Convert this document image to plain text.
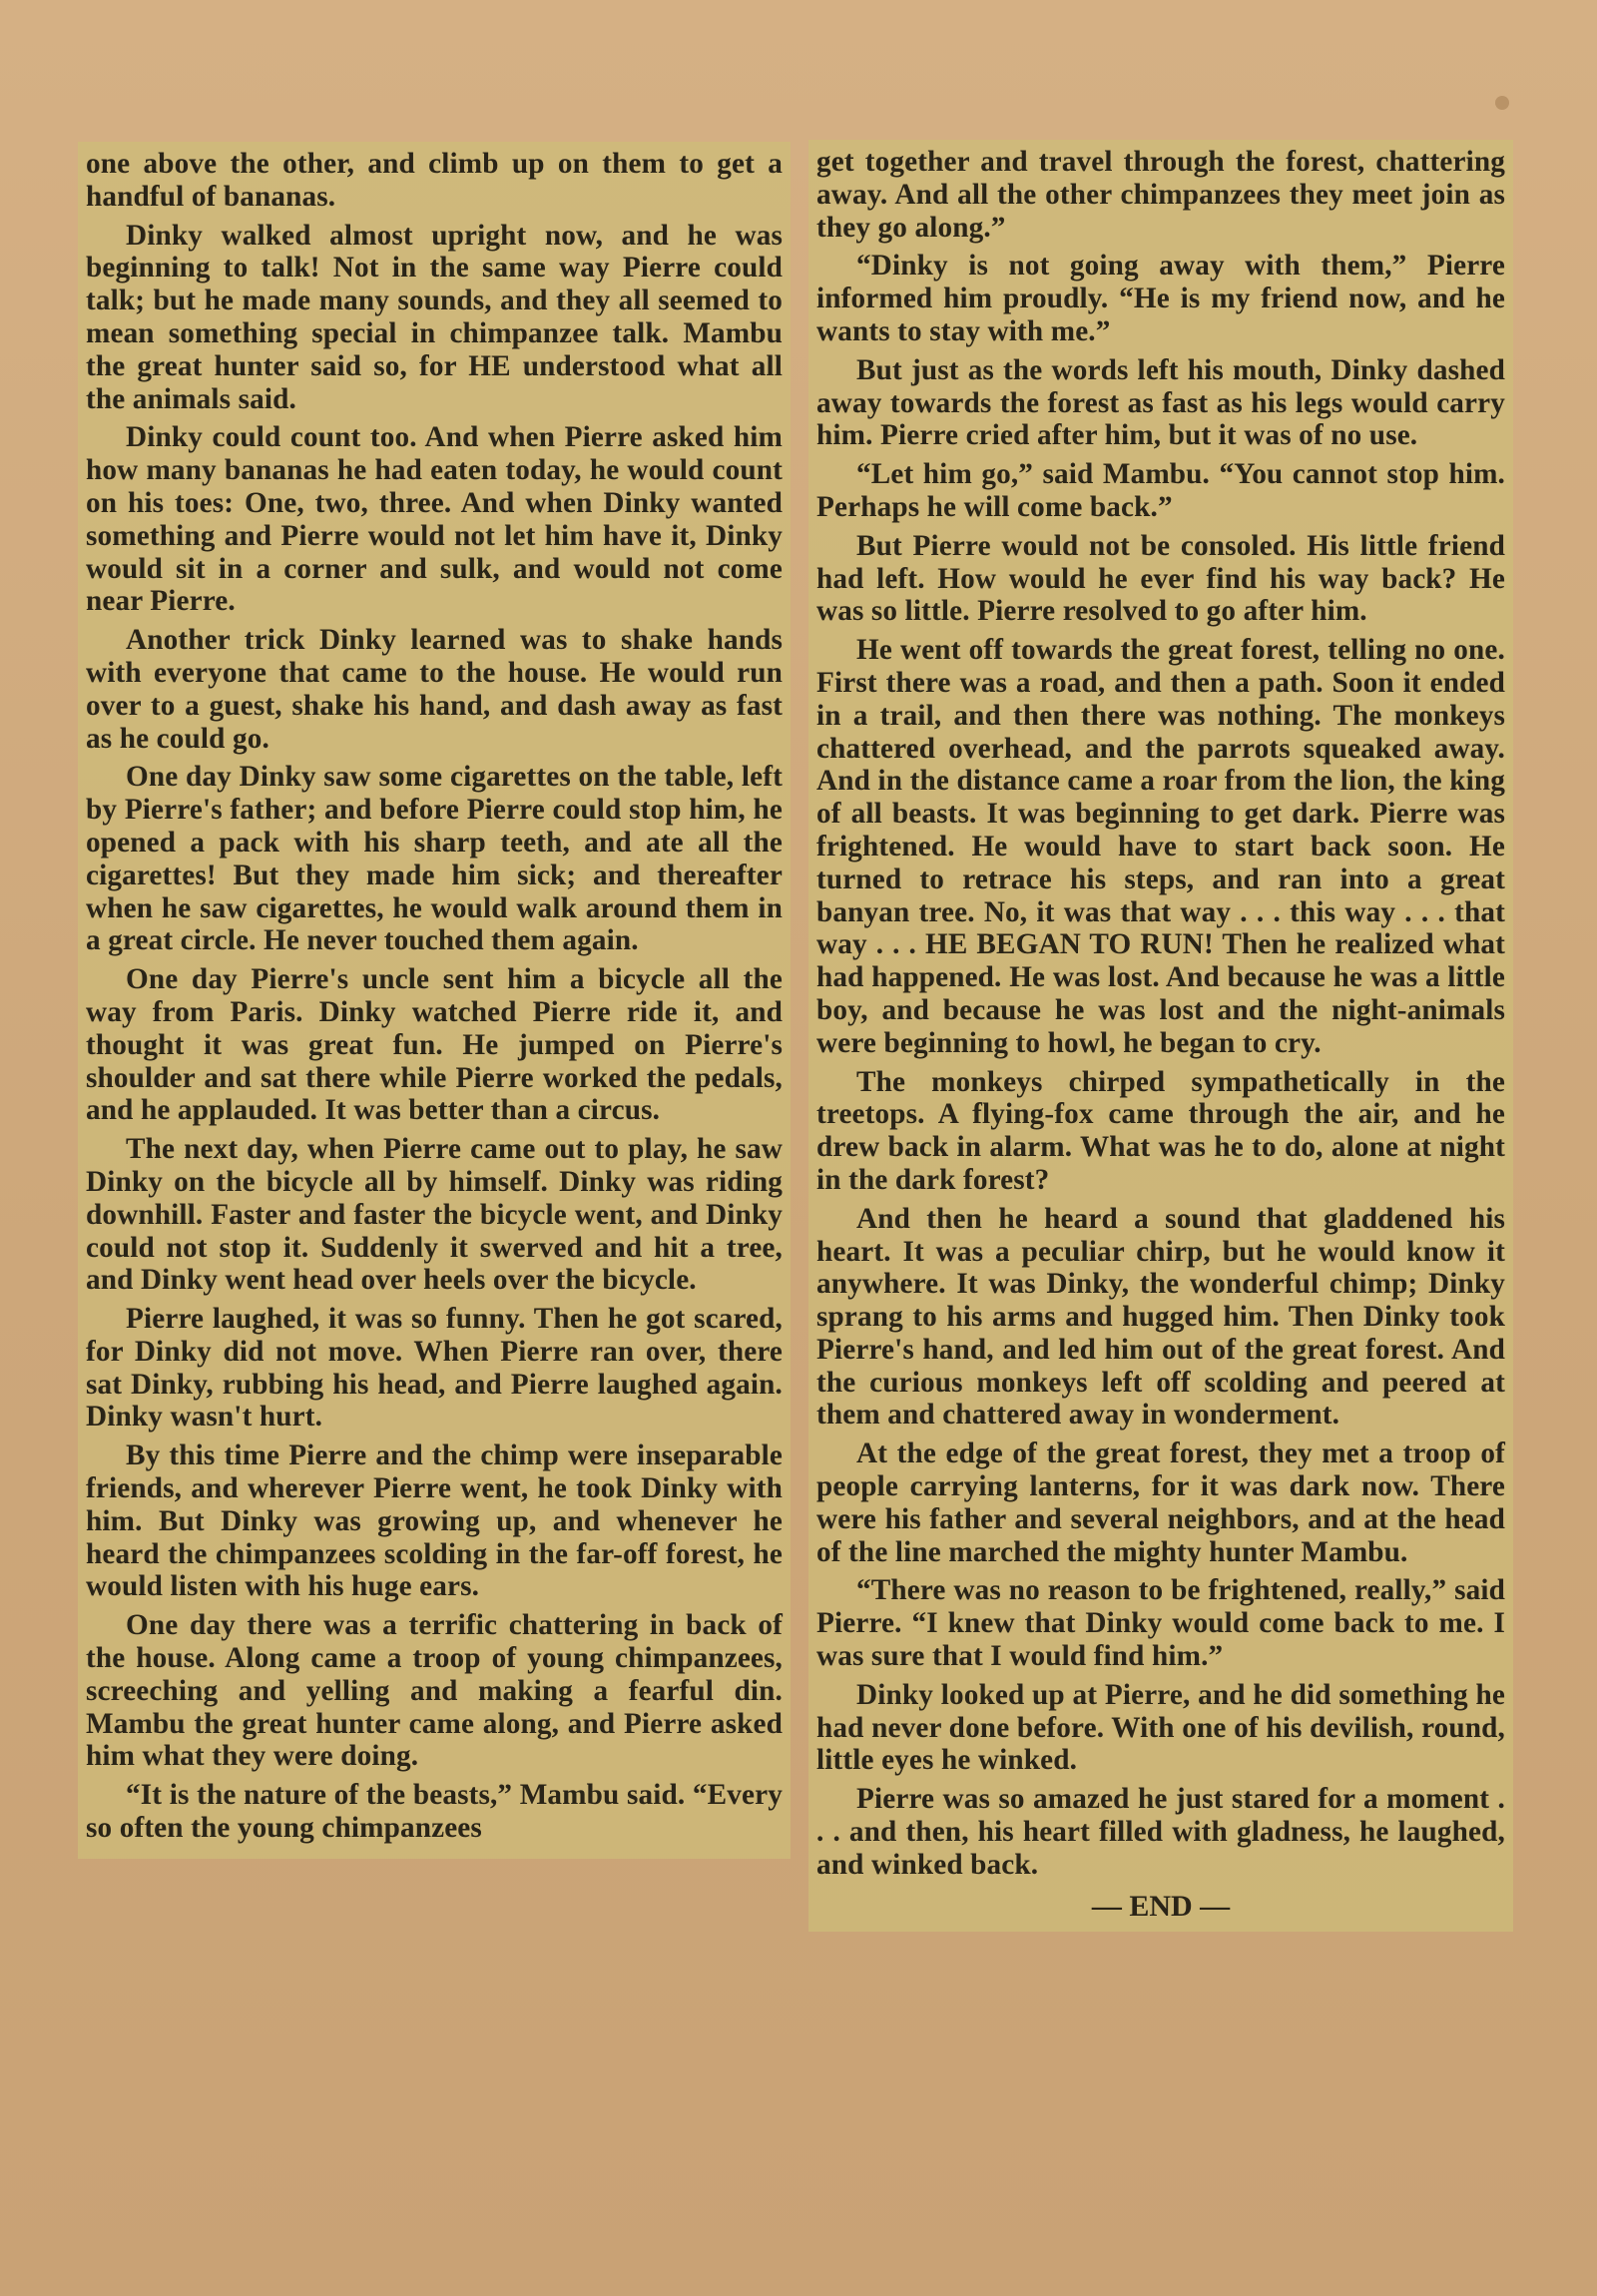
one above the other, and climb up on them to get a handful of bananas.

Dinky walked almost upright now, and he was beginning to talk! Not in the same way Pierre could talk; but he made many sounds, and they all seemed to mean something special in chimpanzee talk. Mambu the great hunter said so, for HE understood what all the animals said.

Dinky could count too. And when Pierre asked him how many bananas he had eaten today, he would count on his toes: One, two, three. And when Dinky wanted something and Pierre would not let him have it, Dinky would sit in a corner and sulk, and would not come near Pierre.

Another trick Dinky learned was to shake hands with everyone that came to the house. He would run over to a guest, shake his hand, and dash away as fast as he could go.

One day Dinky saw some cigarettes on the table, left by Pierre's father; and before Pierre could stop him, he opened a pack with his sharp teeth, and ate all the cigarettes! But they made him sick; and thereafter when he saw cigarettes, he would walk around them in a great circle. He never touched them again.

One day Pierre's uncle sent him a bicycle all the way from Paris. Dinky watched Pierre ride it, and thought it was great fun. He jumped on Pierre's shoulder and sat there while Pierre worked the pedals, and he applauded. It was better than a circus.

The next day, when Pierre came out to play, he saw Dinky on the bicycle all by himself. Dinky was riding downhill. Faster and faster the bicycle went, and Dinky could not stop it. Suddenly it swerved and hit a tree, and Dinky went head over heels over the bicycle.

Pierre laughed, it was so funny. Then he got scared, for Dinky did not move. When Pierre ran over, there sat Dinky, rubbing his head, and Pierre laughed again. Dinky wasn't hurt.

By this time Pierre and the chimp were inseparable friends, and wherever Pierre went, he took Dinky with him. But Dinky was growing up, and whenever he heard the chimpanzees scolding in the far-off forest, he would listen with his huge ears.

One day there was a terrific chattering in back of the house. Along came a troop of young chimpanzees, screeching and yelling and making a fearful din. Mambu the great hunter came along, and Pierre asked him what they were doing.

“It is the nature of the beasts,” Mambu said. “Every so often the young chimpanzees

get together and travel through the forest, chattering away. And all the other chimpanzees they meet join as they go along.”

“Dinky is not going away with them,” Pierre informed him proudly. “He is my friend now, and he wants to stay with me.”

But just as the words left his mouth, Dinky dashed away towards the forest as fast as his legs would carry him. Pierre cried after him, but it was of no use.

“Let him go,” said Mambu. “You cannot stop him. Perhaps he will come back.”

But Pierre would not be consoled. His little friend had left. How would he ever find his way back? He was so little. Pierre resolved to go after him.

He went off towards the great forest, telling no one. First there was a road, and then a path. Soon it ended in a trail, and then there was nothing. The monkeys chattered overhead, and the parrots squeaked away. And in the distance came a roar from the lion, the king of all beasts. It was beginning to get dark. Pierre was frightened. He would have to start back soon. He turned to retrace his steps, and ran into a great banyan tree. No, it was that way . . . this way . . . that way . . . HE BEGAN TO RUN! Then he realized what had happened. He was lost. And because he was a little boy, and because he was lost and the night-animals were beginning to howl, he began to cry.

The monkeys chirped sympathetically in the treetops. A flying-fox came through the air, and he drew back in alarm. What was he to do, alone at night in the dark forest?

And then he heard a sound that gladdened his heart. It was a peculiar chirp, but he would know it anywhere. It was Dinky, the wonderful chimp; Dinky sprang to his arms and hugged him. Then Dinky took Pierre's hand, and led him out of the great forest. And the curious monkeys left off scolding and peered at them and chattered away in wonderment.

At the edge of the great forest, they met a troop of people carrying lanterns, for it was dark now. There were his father and several neighbors, and at the head of the line marched the mighty hunter Mambu.

“There was no reason to be frightened, really,” said Pierre. “I knew that Dinky would come back to me. I was sure that I would find him.”

Dinky looked up at Pierre, and he did something he had never done before. With one of his devilish, round, little eyes he winked.

Pierre was so amazed he just stared for a moment . . . and then, his heart filled with gladness, he laughed, and winked back.

— END —
